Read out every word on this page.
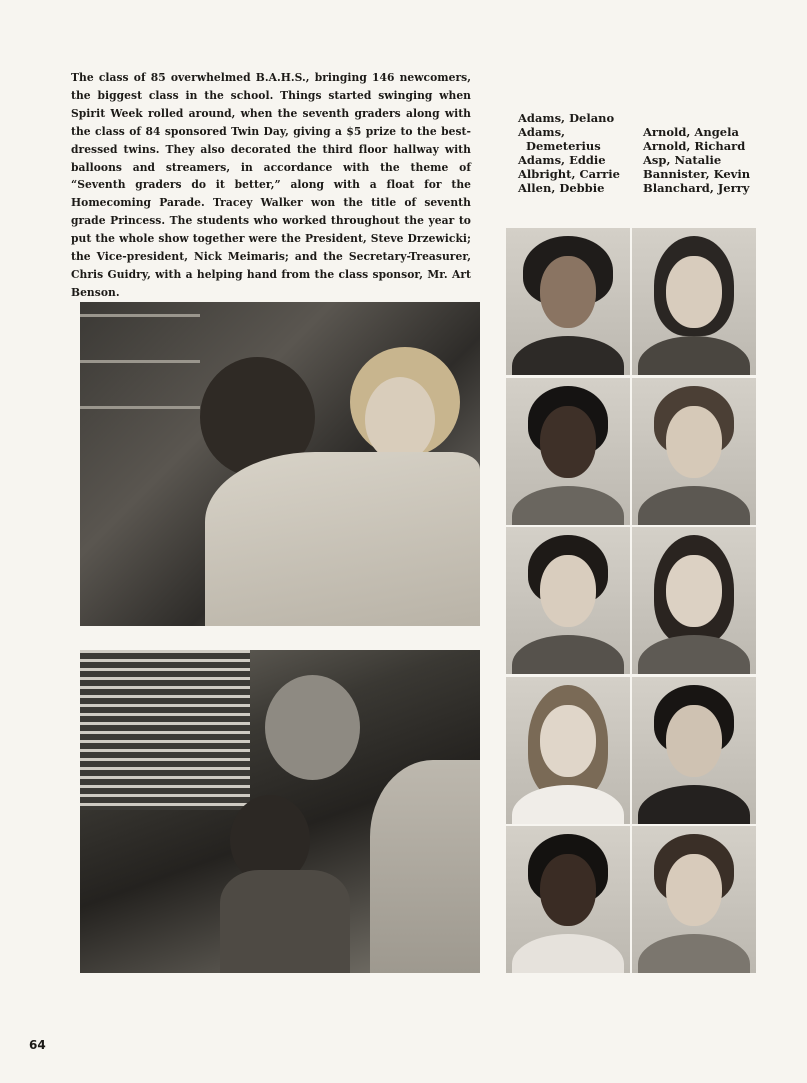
The class of 85 overwhelmed B.A.H.S., bringing 146 newcomers, the biggest class in the school. Things started swinging when Spirit Week rolled around, when the seventh graders along with the class of 84 sponsored Twin Day, giving a $5 prize to the best-dressed twins. They also decorated the third floor hallway with balloons and streamers, in accordance with the theme of “Seventh graders do it better,” along with a float for the Homecoming Parade. Tracey Walker won the title of seventh grade Princess. The students who worked throughout the year to put the whole show together were the President, Steve Drzewicki; the Vice-president, Nick Meimaris; and the Secretary-Treasurer, Chris Guidry, with a helping hand from the class sponsor, Mr. Art Benson.

Adams, Delano
Adams,
Demeterius
Adams, Eddie
Albright, Carrie
Allen, Debbie
Arnold, Angela
Arnold, Richard
Asp, Natalie
Bannister, Kevin
Blanchard, Jerry
64
